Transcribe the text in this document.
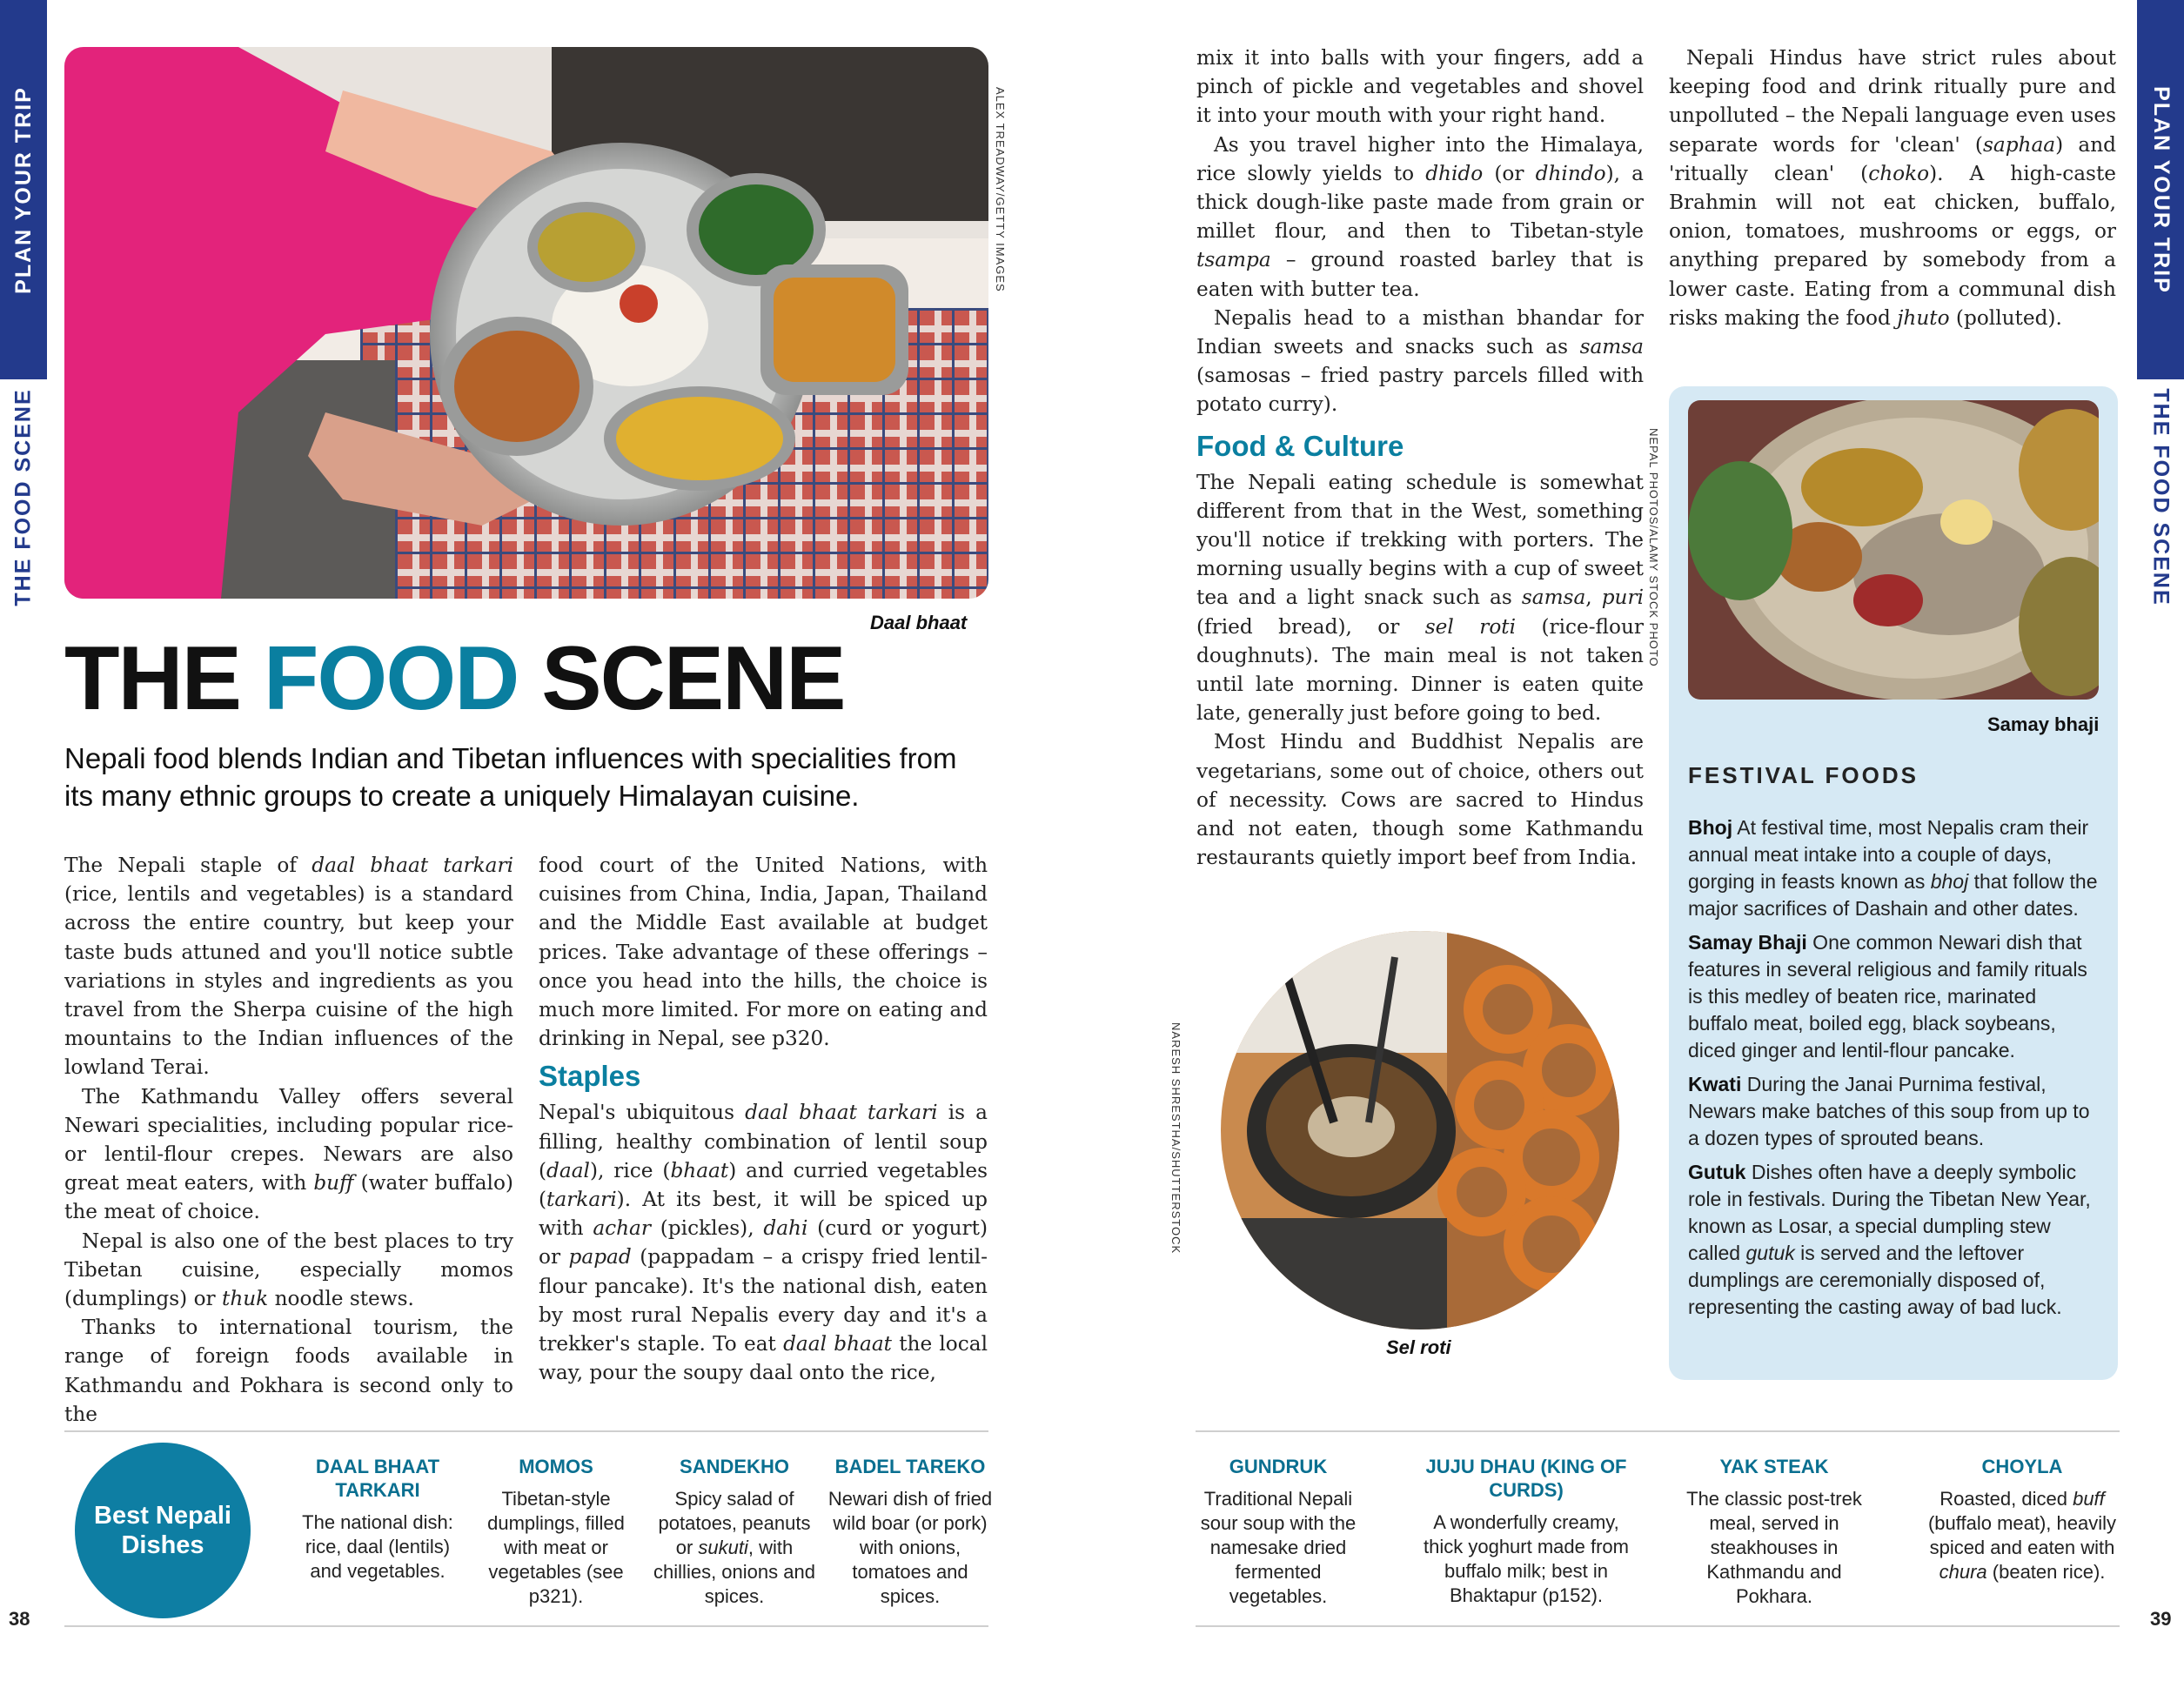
PLAN YOUR TRIP
THE FOOD SCENE
ALEX TREADWAY/GETTY IMAGES
Daal bhaat
THE FOOD SCENE
Nepali food blends Indian and Tibetan influences with specialities from its many ethnic groups to create a uniquely Himalayan cuisine.

The Nepali staple of daal bhaat tarkari (rice, lentils and vegetables) is a standard across the entire country, but keep your taste buds attuned and you'll notice subtle variations in styles and ingredients as you travel from the Sherpa cuisine of the high mountains to the Indian influences of the lowland Terai.

The Kathmandu Valley offers several Newari specialities, including popular rice- or lentil-flour crepes. Newars are also great meat eaters, with buff (water buffalo) the meat of choice.

Nepal is also one of the best places to try Tibetan cuisine, especially momos (dumplings) or thuk noodle stews.

Thanks to international tourism, the range of foreign foods available in Kathmandu and Pokhara is second only to the

food court of the United Nations, with cuisines from China, India, Japan, Thailand and the Middle East available at budget prices. Take advantage of these offerings – once you head into the hills, the choice is much more limited. For more on eating and drinking in Nepal, see p320.

Staples

Nepal's ubiquitous daal bhaat tarkari is a filling, healthy combination of lentil soup (daal), rice (bhaat) and curried vegetables (tarkari). At its best, it will be spiced up with achar (pickles), dahi (curd or yogurt) or papad (pappadam – a crispy fried lentil-flour pancake). It's the national dish, eaten by most rural Nepalis every day and it's a trekker's staple. To eat daal bhaat the local way, pour the soupy daal onto the rice,

Best Nepali
Dishes
DAAL BHAAT TARKARI
The national dish: rice, daal (lentils) and vegetables.
MOMOS
Tibetan-style dumplings, filled with meat or vegetables (see p321).
SANDEKHO
Spicy salad of potatoes, peanuts or sukuti, with chillies, onions and spices.
BADEL TAREKO
Newari dish of fried wild boar (or pork) with onions, tomatoes and spices.
38

mix it into balls with your fingers, add a pinch of pickle and vegetables and shovel it into your mouth with your right hand.

As you travel higher into the Himalaya, rice slowly yields to dhido (or dhindo), a thick dough-like paste made from grain or millet flour, and then to Tibetan-style tsampa – ground roasted barley that is eaten with butter tea.

Nepalis head to a misthan bhandar for Indian sweets and snacks such as samsa (samosas – fried pastry parcels filled with potato curry).

Food & Culture

The Nepali eating schedule is somewhat different from that in the West, something you'll notice if trekking with porters. The morning usually begins with a cup of sweet tea and a light snack such as samsa, puri (fried bread), or sel roti (rice-flour doughnuts). The main meal is not taken until late morning. Dinner is eaten quite late, generally just before going to bed.

Most Hindu and Buddhist Nepalis are vegetarians, some out of choice, others out of necessity. Cows are sacred to Hindus and not eaten, though some Kathmandu restaurants quietly import beef from India.

Nepali Hindus have strict rules about keeping food and drink ritually pure and unpolluted – the Nepali language even uses separate words for 'clean' (saphaa) and 'ritually clean' (choko). A high-caste Brahmin will not eat chicken, buffalo, onion, tomatoes, mushrooms or eggs, or anything prepared by somebody from a lower caste. Eating from a communal dish risks making the food jhuto (polluted).

NEPAL PHOTOS/ALAMY STOCK PHOTO
Sel roti
PLAN YOUR TRIP
THE FOOD SCENE
39
NARESH SHRESTHA/SHUTTERSTOCK
Samay bhaji
FESTIVAL FOODS

Bhoj At festival time, most Nepalis cram their annual meat intake into a couple of days, gorging in feasts known as bhoj that follow the major sacrifices of Dashain and other dates.

Samay Bhaji One common Newari dish that features in several religious and family rituals is this medley of beaten rice, marinated buffalo meat, boiled egg, black soybeans, diced ginger and lentil-flour pancake.

Kwati During the Janai Purnima festival, Newars make batches of this soup from up to a dozen types of sprouted beans.

Gutuk Dishes often have a deeply symbolic role in festivals. During the Tibetan New Year, known as Losar, a special dumpling stew called gutuk is served and the leftover dumplings are ceremonially disposed of, representing the casting away of bad luck.

GUNDRUK
Traditional Nepali sour soup with the namesake dried fermented vegetables.
JUJU DHAU (KING OF CURDS)
A wonderfully creamy, thick yoghurt made from buffalo milk; best in Bhaktapur (p152).
YAK STEAK
The classic post-trek meal, served in steakhouses in Kathmandu and Pokhara.
CHOYLA
Roasted, diced buff (buffalo meat), heavily spiced and eaten with chura (beaten rice).
